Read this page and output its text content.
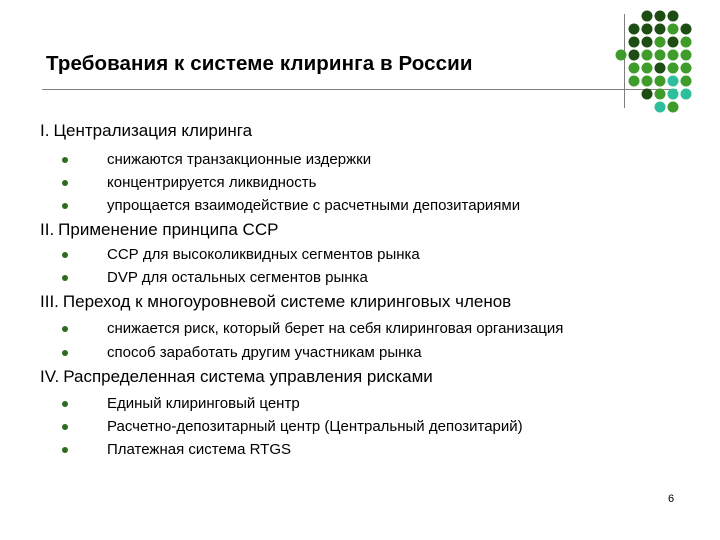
Требования к системе клиринга в России
I. Централизация клиринга
снижаются транзакционные издержки
концентрируется ликвидность
упрощается взаимодействие с расчетными депозитариями
II. Применение принципа ССР
ССР для высоколиквидных сегментов рынка
DVP для остальных сегментов рынка
III. Переход к многоуровневой системе клиринговых членов
снижается риск, который берет на себя клиринговая организация
способ заработать другим участникам рынка
IV. Распределенная система управления рисками
Единый клиринговый центр
Расчетно-депозитарный центр (Центральный депозитарий)
Платежная система RTGS
6
